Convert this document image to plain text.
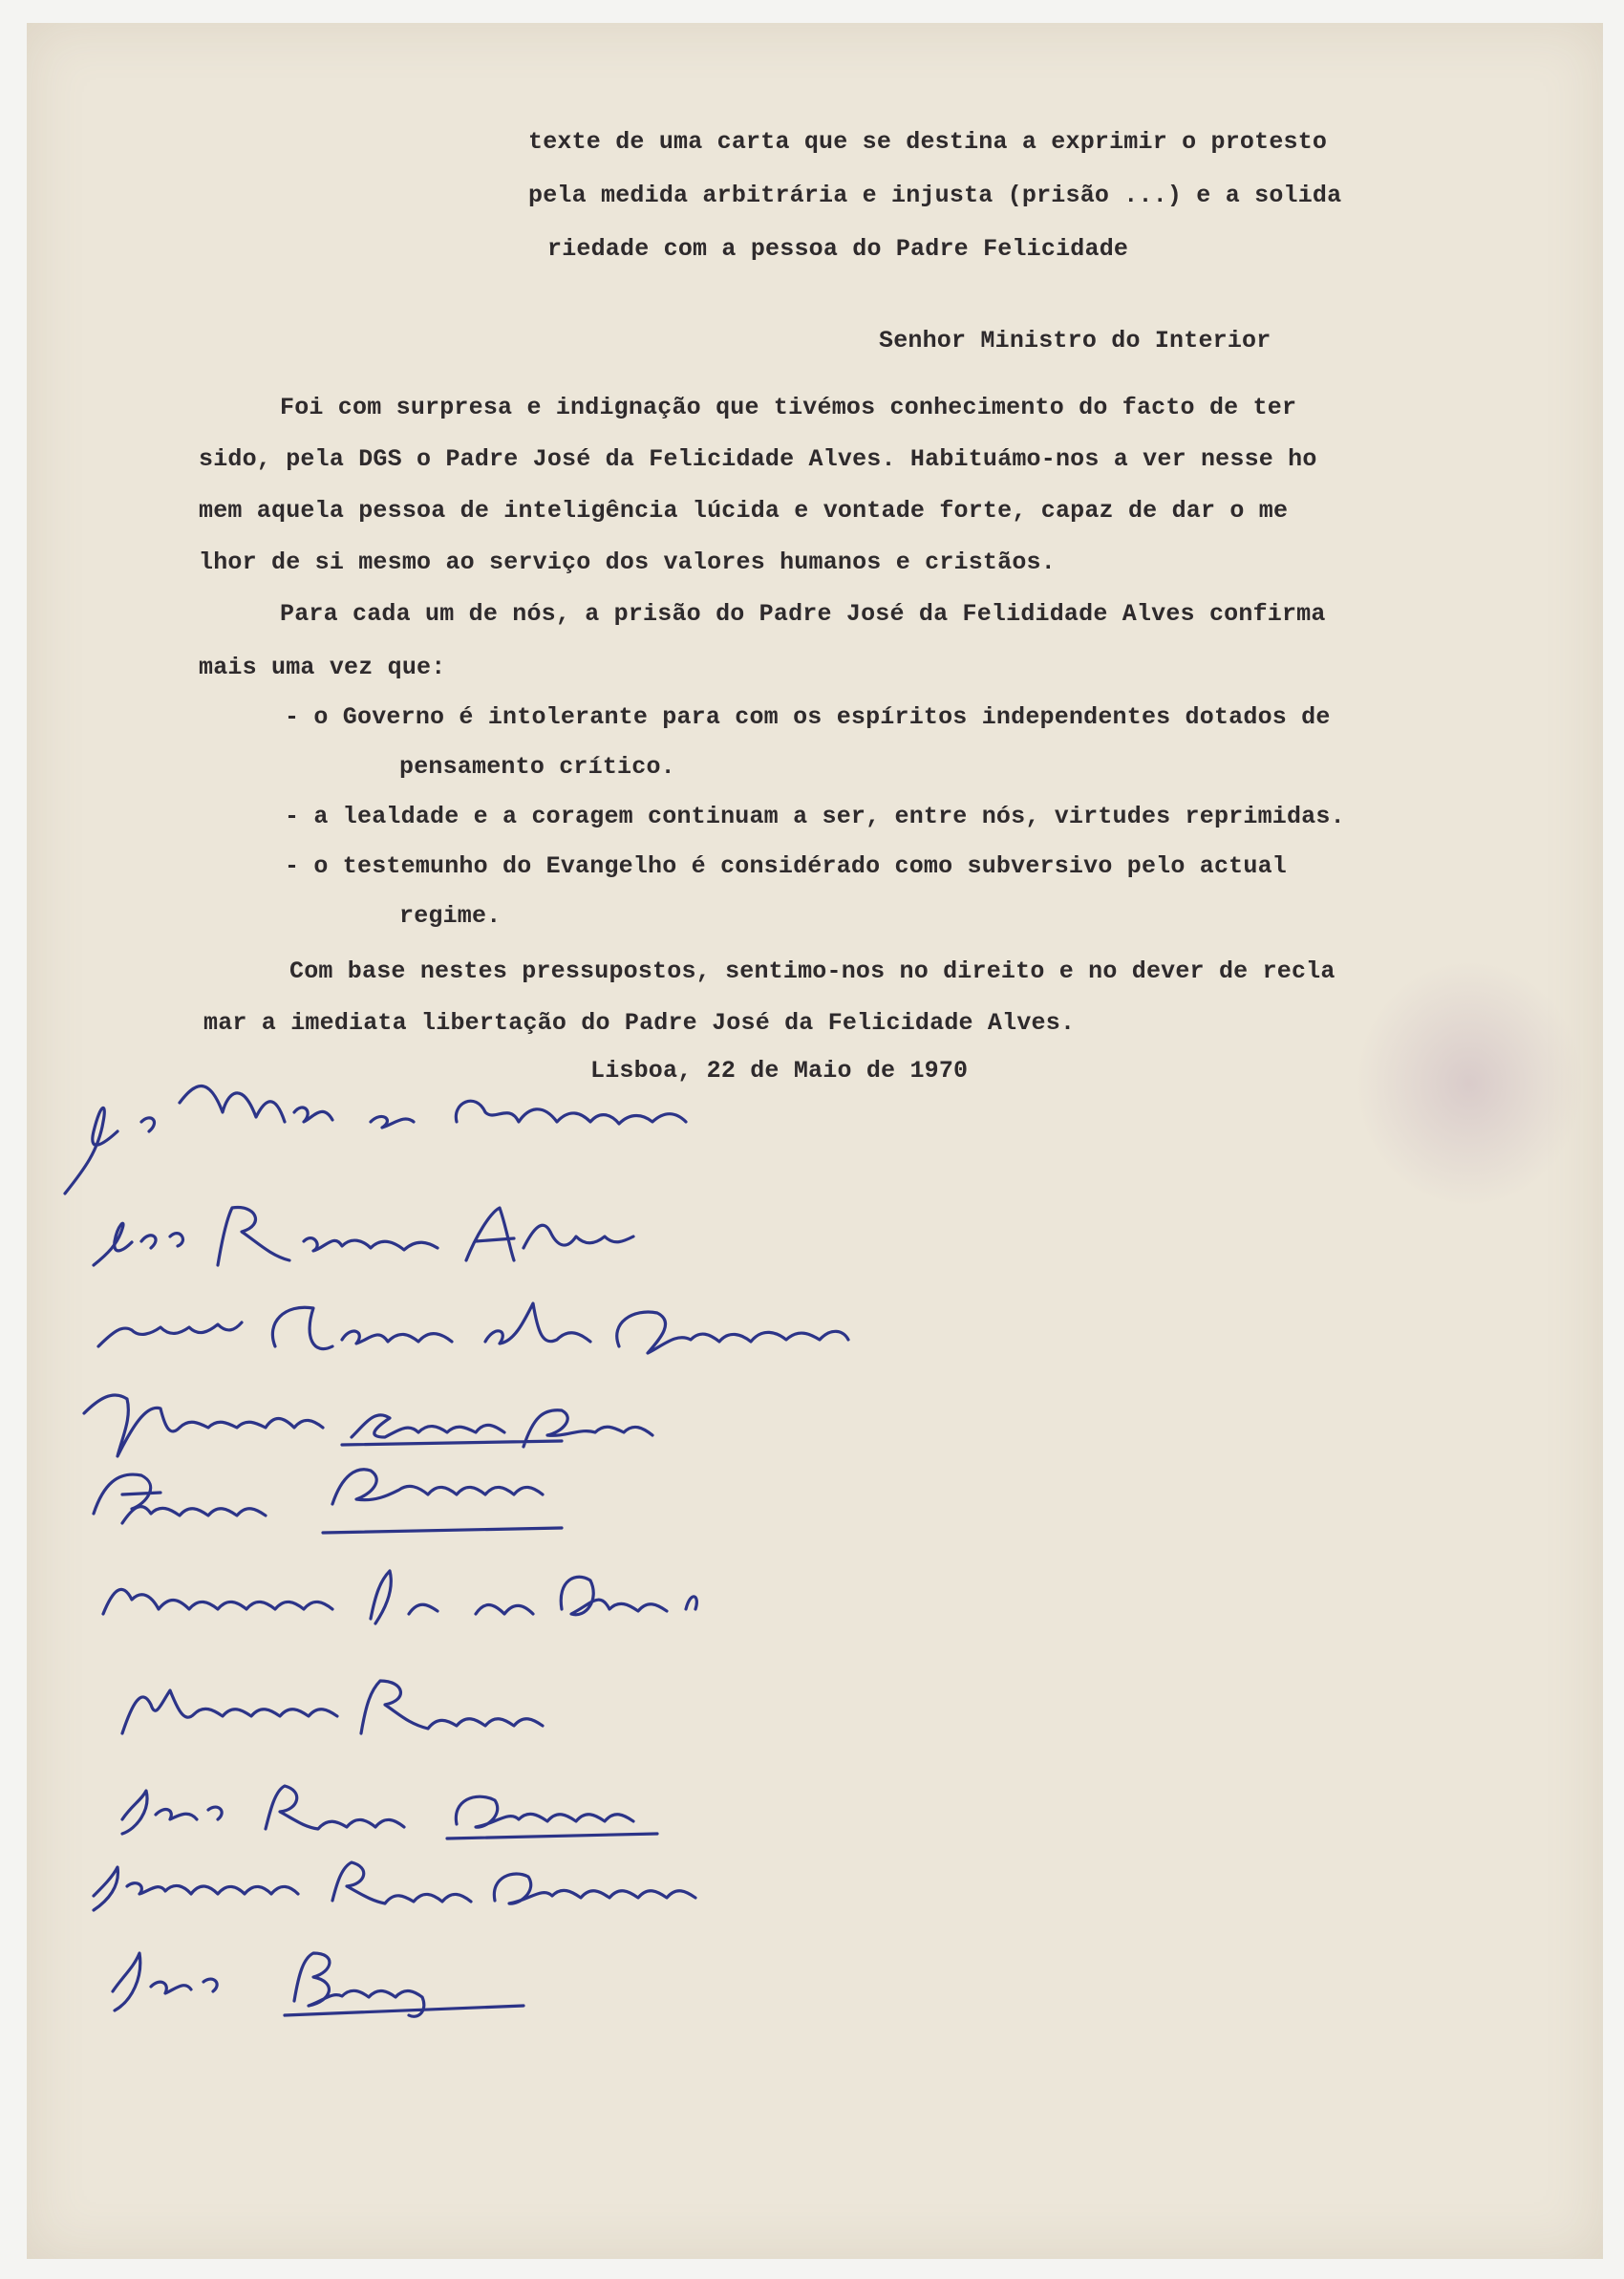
texte de uma carta que se destina a exprimir o protesto
pela medida arbitrária e injusta (prisão ...) e a solida
riedade com a pessoa do Padre Felicidade
Senhor Ministro do Interior
Foi com surpresa e indignação que tivémos conhecimento do facto de ter
sido, pela DGS o Padre José da Felicidade Alves. Habituámo-nos a ver nesse ho
mem aquela pessoa de inteligência lúcida e vontade forte, capaz de dar o me
lhor de si mesmo ao serviço dos valores humanos e cristãos.
Para cada um de nós, a prisão do Padre José da Felididade Alves confirma
mais uma vez que:
- o Governo é intolerante para com os espíritos independentes dotados de
pensamento crítico.
- a lealdade e a coragem continuam a ser, entre nós, virtudes reprimidas.
- o testemunho do Evangelho é considérado como subversivo pelo actual
regime.
Com base nestes pressupostos, sentimo-nos no direito e no dever de recla
mar a imediata libertação do Padre José da Felicidade Alves.
Lisboa, 22 de Maio de 1970
